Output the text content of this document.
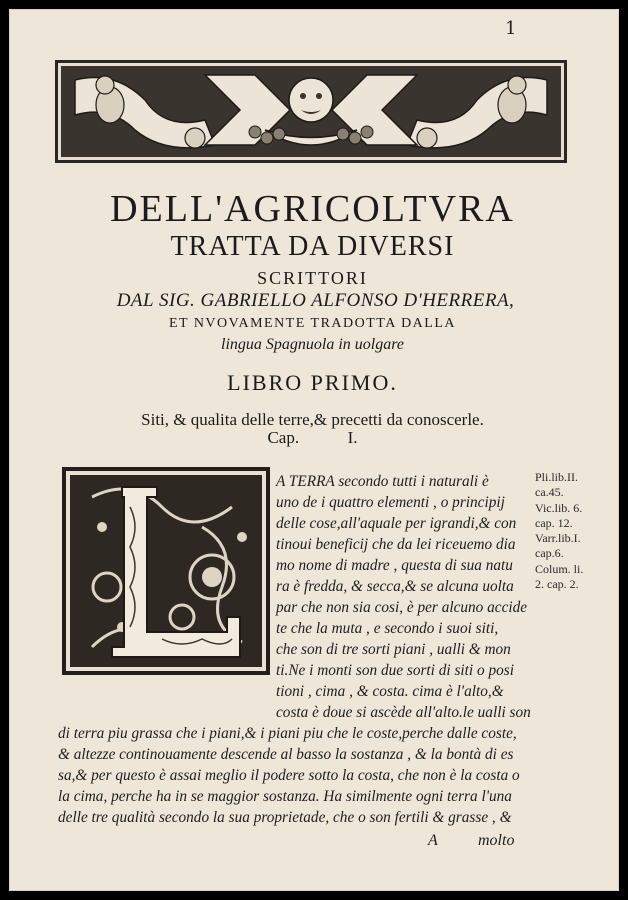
1
DELL'AGRICOLTVRA
TRATTA DA DIVERSI
SCRITTORI
DAL SIG. GABRIELLO ALFONSO D'HERRERA,
ET NVOVAMENTE TRADOTTA DALLA
lingua Spagnuola in uolgare
LIBRO PRIMO.
Siti, & qualita delle terre,& precetti da conoscerle.
Cap.	I.
A TERRA secondo tutti i naturali è
uno de i quattro elementi , o principij
delle cose,all'aquale per igrandi,& con
tinoui beneficij che da lei riceuemo dia
mo nome di madre , questa di sua natu
ra è fredda, & secca,& se alcuna uolta
par che non sia cosi, è per alcuno accide
te che la muta , e secondo i suoi siti,
che son di tre sorti piani , ualli & mon
ti.Ne i monti son due sorti di siti o posi
tioni , cima , & costa. cima è l'alto,&
costa è doue si ascède all'alto.le ualli son
di terra piu grassa che i piani,& i piani piu che le coste,perche dalle coste,
& altezze continouamente descende al basso la sostanza , & la bontà di es
sa,& per questo è assai meglio il podere sotto la costa, che non è la costa o
la cima, perche ha in se maggior sostanza. Ha similmente ogni terra l'una
delle tre qualità secondo la sua proprietade, che o son fertili & grasse , &
A	molto
Pli.lib.II.
ca.45.
Vic.lib. 6.
cap. 12.
Varr.lib.I.
cap.6.
Colum. li.
2. cap. 2.
